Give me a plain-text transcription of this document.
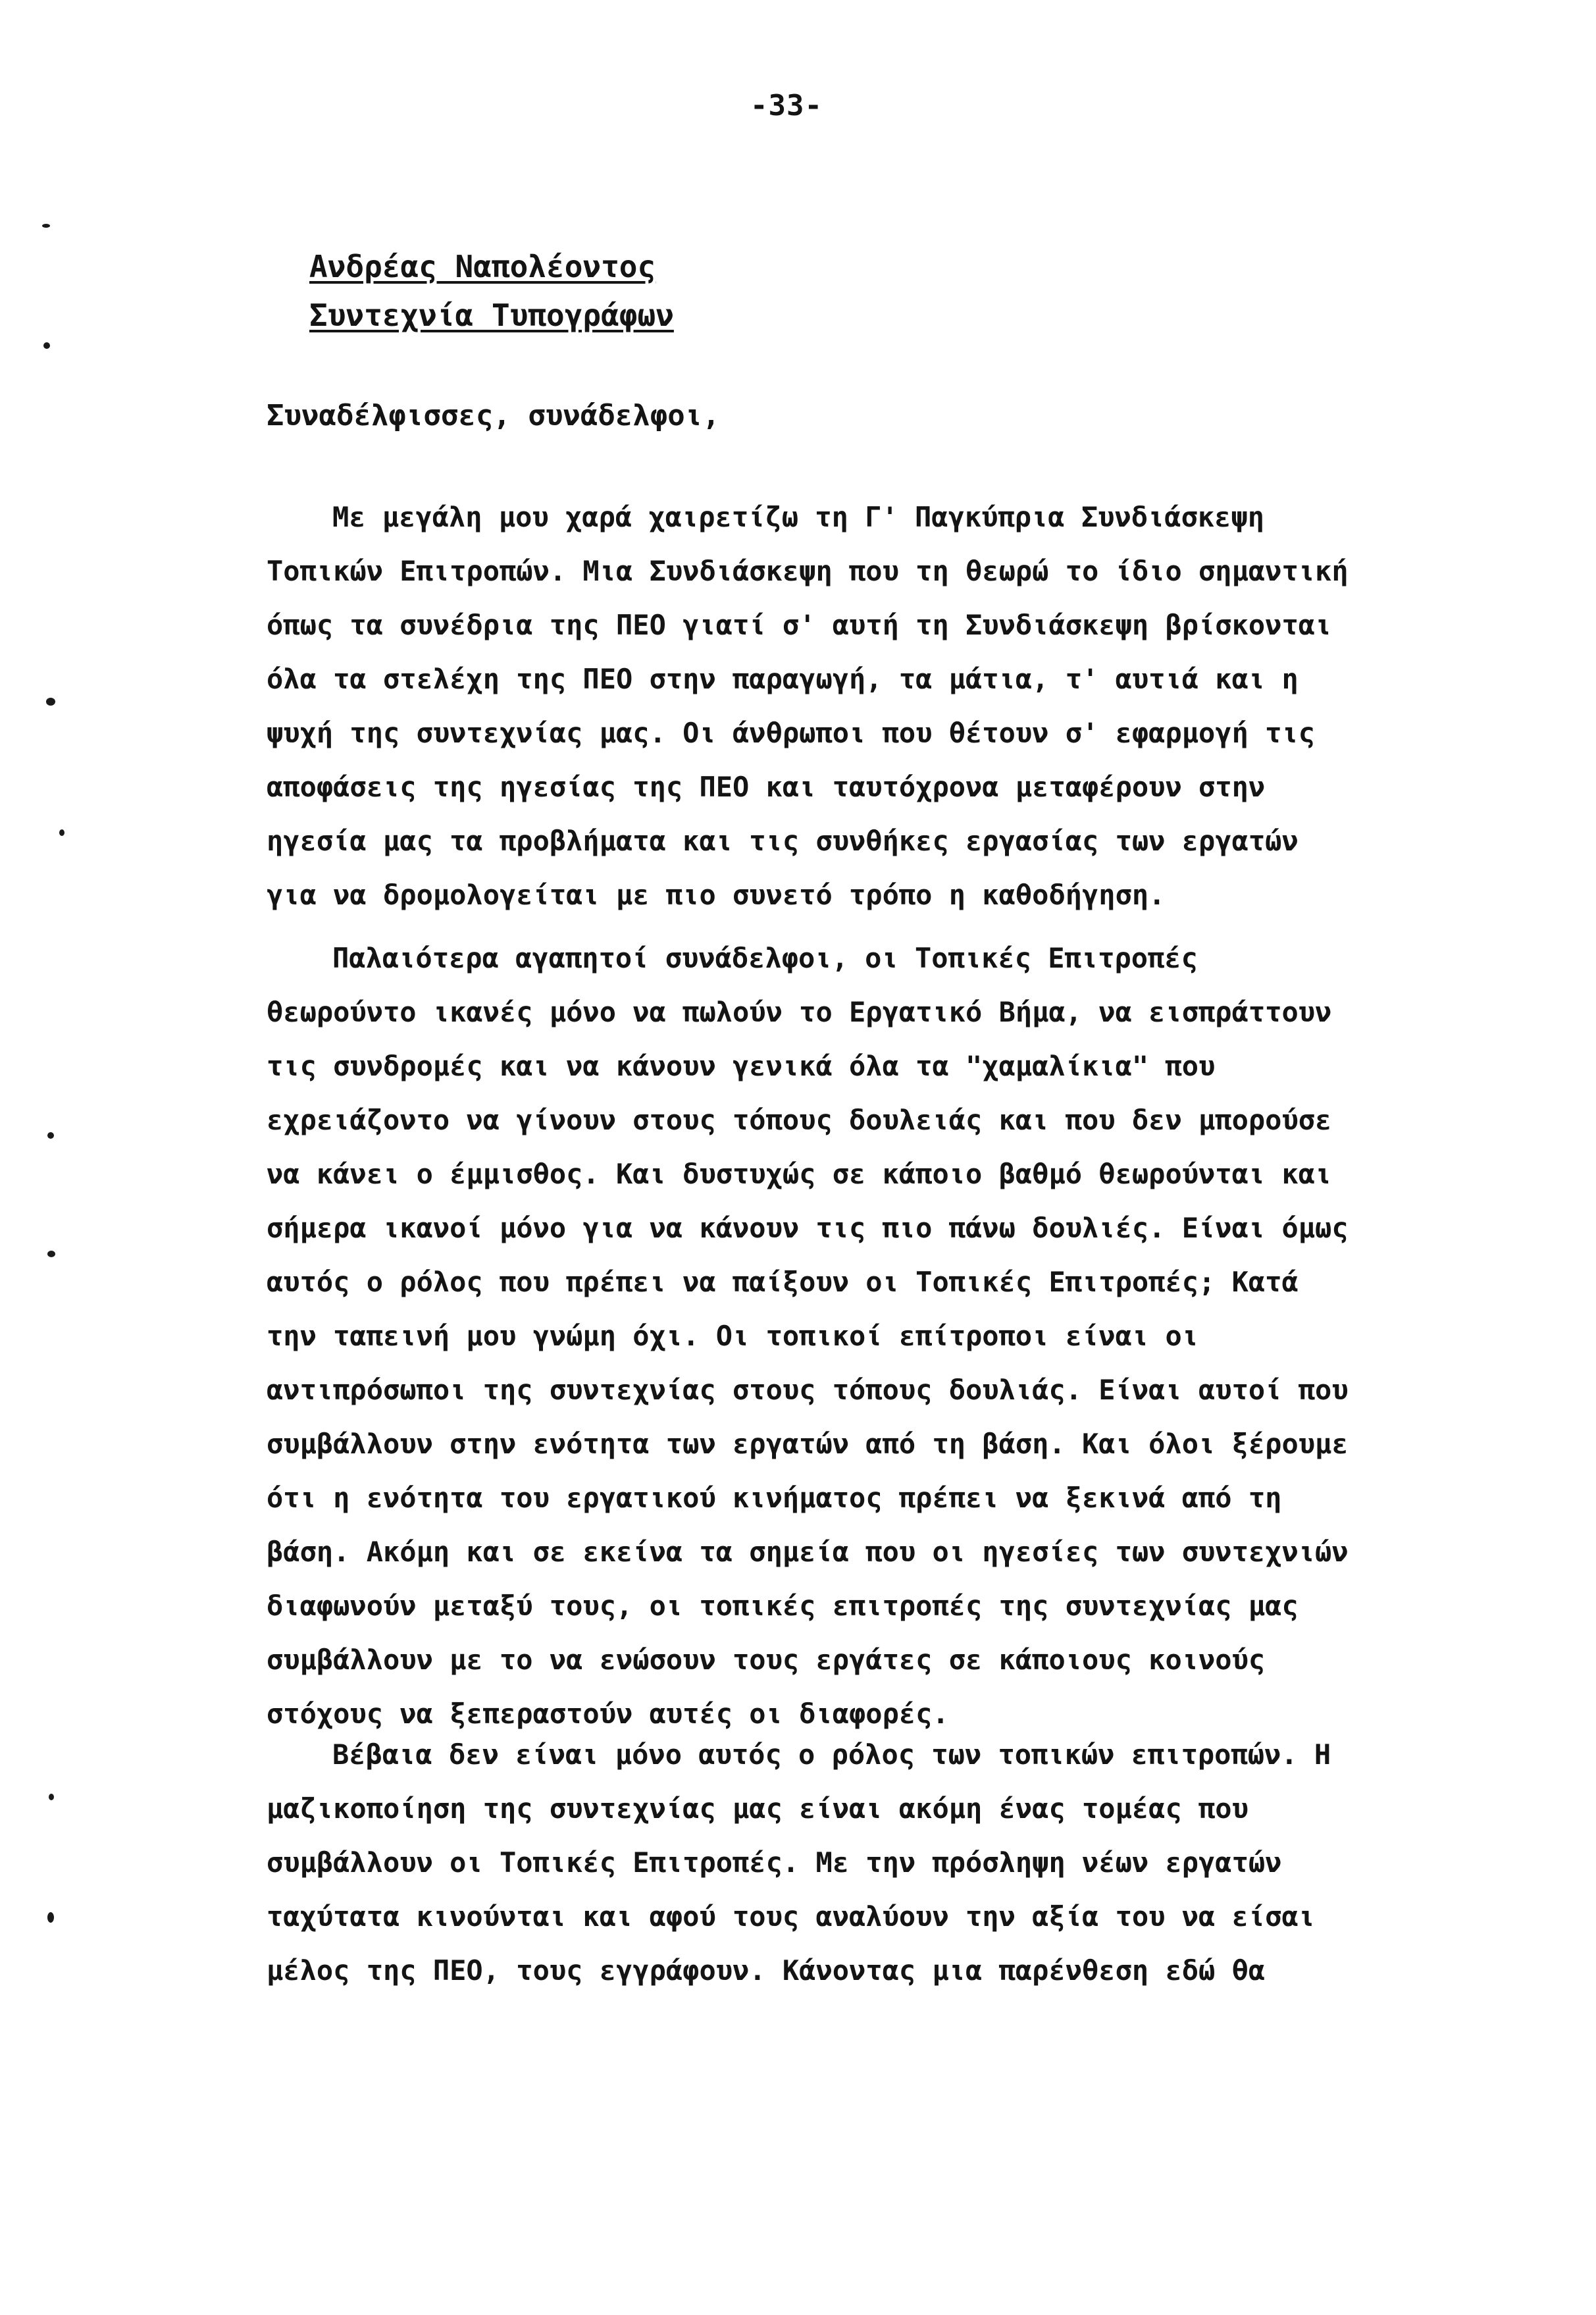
-33-
Ανδρέας Ναπολέοντος
Συντεχνία Τυπογράφων
Συναδέλφισσες, συνάδελφοι,
Με μεγάλη μου χαρά χαιρετίζω τη Γ' Παγκύπρια Συνδιάσκεψη
Τοπικών Επιτροπών. Μια Συνδιάσκεψη που τη θεωρώ το ίδιο σημαντική
όπως τα συνέδρια της ΠΕΟ γιατί σ' αυτή τη Συνδιάσκεψη βρίσκονται
όλα τα στελέχη της ΠΕΟ στην παραγωγή, τα μάτια, τ' αυτιά και η
ψυχή της συντεχνίας μας. Οι άνθρωποι που θέτουν σ' εφαρμογή τις
αποφάσεις της ηγεσίας της ΠΕΟ και ταυτόχρονα μεταφέρουν στην
ηγεσία μας τα προβλήματα και τις συνθήκες εργασίας των εργατών
για να δρομολογείται με πιο συνετό τρόπο η καθοδήγηση.
Παλαιότερα αγαπητοί συνάδελφοι, οι Τοπικές Επιτροπές
θεωρούντο ικανές μόνο να πωλούν το Εργατικό Βήμα, να εισπράττουν
τις συνδρομές και να κάνουν γενικά όλα τα "χαμαλίκια" που
εχρειάζοντο να γίνουν στους τόπους δουλειάς και που δεν μπορούσε
να κάνει ο έμμισθος. Και δυστυχώς σε κάποιο βαθμό θεωρούνται και
σήμερα ικανοί μόνο για να κάνουν τις πιο πάνω δουλιές. Είναι όμως
αυτός ο ρόλος που πρέπει να παίξουν οι Τοπικές Επιτροπές; Κατά
την ταπεινή μου γνώμη όχι. Οι τοπικοί επίτροποι είναι οι
αντιπρόσωποι της συντεχνίας στους τόπους δουλιάς. Είναι αυτοί που
συμβάλλουν στην ενότητα των εργατών από τη βάση. Και όλοι ξέρουμε
ότι η ενότητα του εργατικού κινήματος πρέπει να ξεκινά από τη
βάση. Ακόμη και σε εκείνα τα σημεία που οι ηγεσίες των συντεχνιών
διαφωνούν μεταξύ τους, οι τοπικές επιτροπές της συντεχνίας μας
συμβάλλουν με το να ενώσουν τους εργάτες σε κάποιους κοινούς
στόχους να ξεπεραστούν αυτές οι διαφορές.
Βέβαια δεν είναι μόνο αυτός ο ρόλος των τοπικών επιτροπών. Η
μαζικοποίηση της συντεχνίας μας είναι ακόμη ένας τομέας που
συμβάλλουν οι Τοπικές Επιτροπές. Με την πρόσληψη νέων εργατών
ταχύτατα κινούνται και αφού τους αναλύουν την αξία του να είσαι
μέλος της ΠΕΟ, τους εγγράφουν. Κάνοντας μια παρένθεση εδώ θα
